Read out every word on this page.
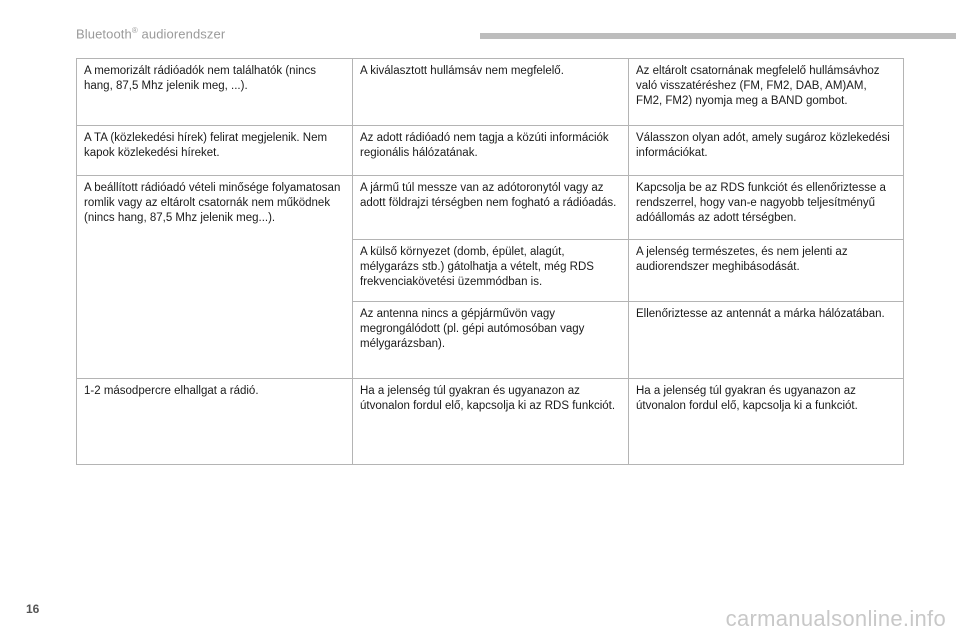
Bluetooth® audiorendszer
A memorizált rádióadók nem találhatók (nincs hang, 87,5 Mhz jelenik meg, ...).	A kiválasztott hullámsáv nem megfelelő.	Az eltárolt csatornának megfelelő hullámsávhoz való visszatéréshez (FM, FM2, DAB, AM)AM, FM2, FM2) nyomja meg a BAND gombot.
A TA (közlekedési hírek) felirat megjelenik. Nem kapok közlekedési híreket.	Az adott rádióadó nem tagja a közúti információk regionális hálózatának.	Válasszon olyan adót, amely sugároz közlekedési információkat.
A beállított rádióadó vételi minősége folyamatosan romlik vagy az eltárolt csatornák nem működnek (nincs hang, 87,5 Mhz jelenik meg...).	A jármű túl messze van az adótoronytól vagy az adott földrajzi térségben nem fogható a rádióadás.	Kapcsolja be az RDS funkciót és ellenőriztesse a rendszerrel, hogy van-e nagyobb teljesítményű adóállomás az adott térségben.
	A külső környezet (domb, épület, alagút, mélygarázs stb.) gátolhatja a vételt, még RDS frekvenciakövetési üzemmódban is.	A jelenség természetes, és nem jelenti az audiorendszer meghibásodását.
	Az antenna nincs a gépjárművön vagy megrongálódott (pl. gépi autómosóban vagy mélygarázsban).	Ellenőriztesse az antennát a márka hálózatában.
1-2 másodpercre elhallgat a rádió.	Ha a jelenség túl gyakran és ugyanazon az útvonalon fordul elő, kapcsolja ki az RDS funkciót.	Ha a jelenség túl gyakran és ugyanazon az útvonalon fordul elő, kapcsolja ki a funkciót.
16	carmanualsonline.info
